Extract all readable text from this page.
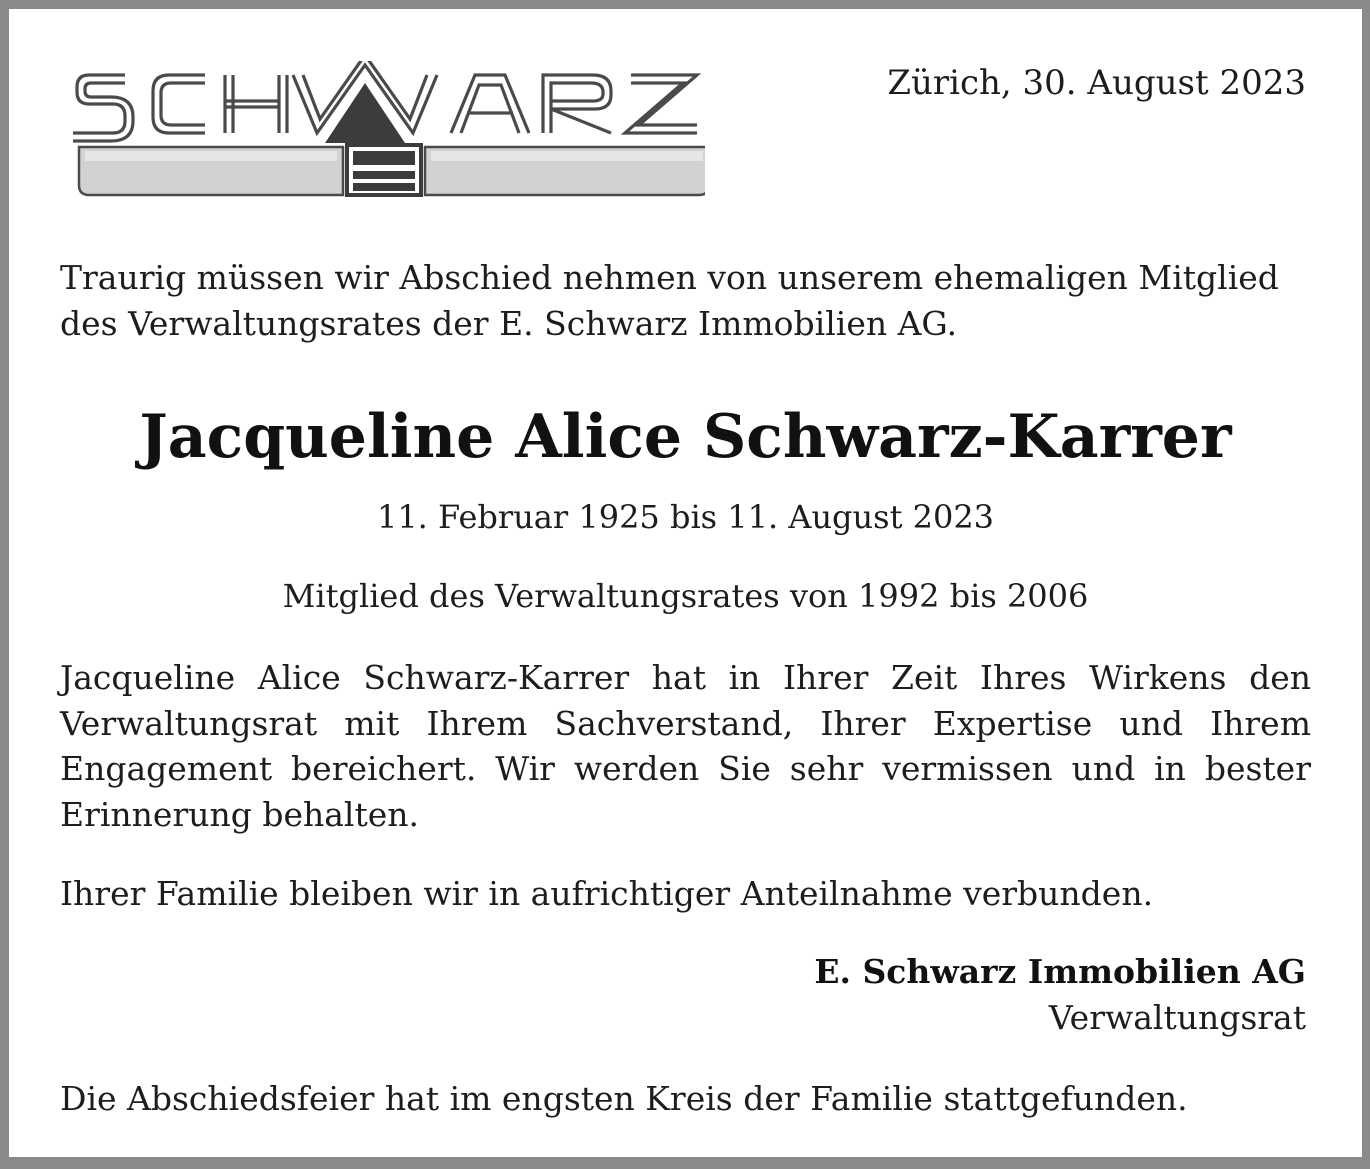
Zürich, 30. August 2023

Traurig müssen wir Abschied nehmen von unserem ehemaligen Mitglied des Verwaltungsrates der E. Schwarz Immobilien AG.

Jacqueline Alice Schwarz-Karrer

11. Februar 1925 bis 11. August 2023

Mitglied des Verwaltungsrates von 1992 bis 2006

Jacqueline Alice Schwarz-Karrer hat in Ihrer Zeit Ihres Wirkens den Verwaltungsrat mit Ihrem Sachverstand, Ihrer Expertise und Ihrem Engagement bereichert. Wir werden Sie sehr vermissen und in bester Erinnerung behalten.

Ihrer Familie bleiben wir in aufrichtiger Anteilnahme verbunden.

E. Schwarz Immobilien AG

Verwaltungsrat

Die Abschiedsfeier hat im engsten Kreis der Familie stattgefunden.
